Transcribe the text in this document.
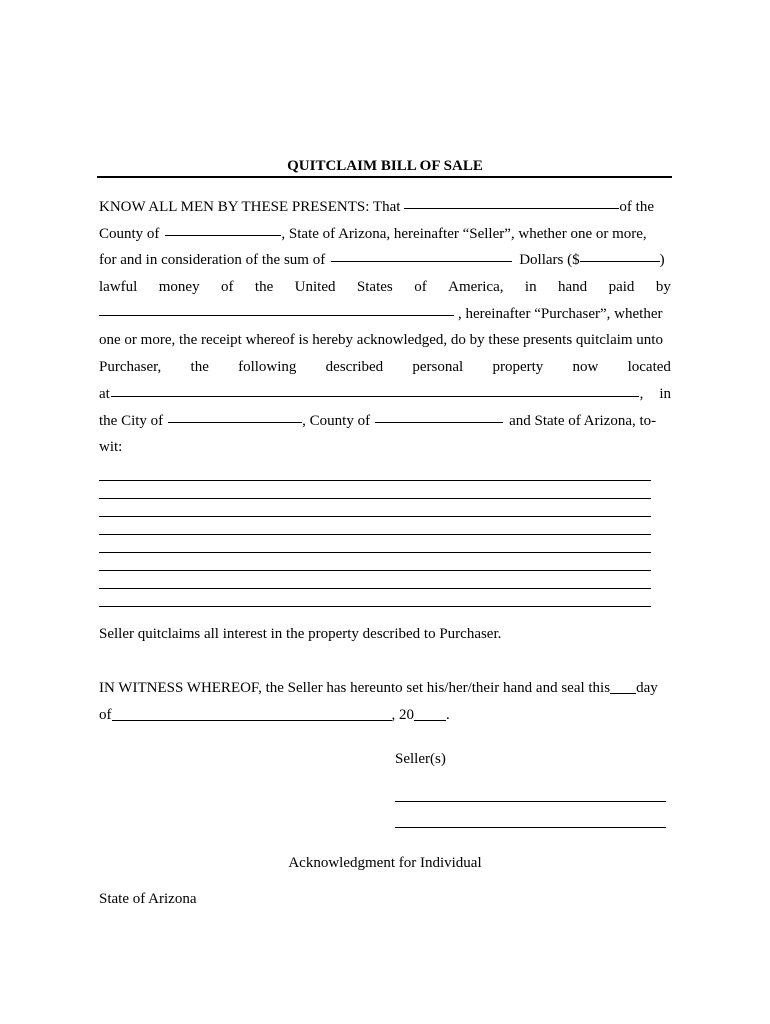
QUITCLAIM BILL OF SALE
KNOW ALL MEN BY THESE PRESENTS: That	of the
County of	, State of Arizona, hereinafter “Seller”, whether one or more,
for and in consideration of the sum of	Dollars ($	)
lawful money of the United States of America, in hand paid by
, hereinafter “Purchaser”, whether
one or more, the receipt whereof is hereby acknowledged, do by these presents quitclaim unto
Purchaser, the following described personal property now located
at	, in
the City of	, County of	and State of Arizona, to-
wit:
Seller quitclaims all interest in the property described to Purchaser.
IN WITNESS WHEREOF, the Seller has hereunto set his/her/their hand and seal this day
of	, 20 .
Seller(s)
Acknowledgment for Individual
State of Arizona
